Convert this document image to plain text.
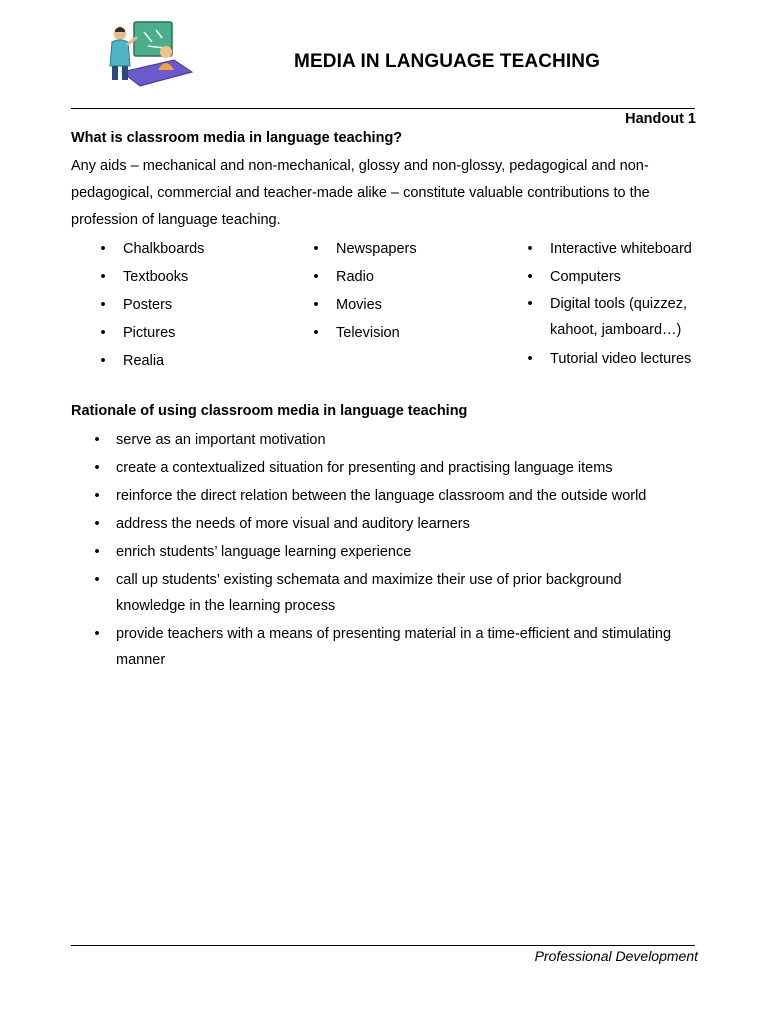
MEDIA IN LANGUAGE TEACHING
Handout 1
What is classroom media in language teaching?
Any aids – mechanical and non-mechanical, glossy and non-glossy, pedagogical and non-
pedagogical, commercial and teacher-made alike – constitute valuable contributions to the
profession of language teaching.
•	Chalkboards
•	Textbooks
•	Posters
•	Pictures
•	Realia
•	Newspapers
•	Radio
•	Movies
•	Television
•	Interactive whiteboard
•	Computers
•	Digital tools (quizzez,
kahoot, jamboard…)
•	Tutorial video lectures
Rationale of using classroom media in language teaching
•	serve as an important motivation
•	create a contextualized situation for presenting and practising language items
•	reinforce the direct relation between the language classroom and the outside world
•	address the needs of more visual and auditory learners
•	enrich students’ language learning experience
•	call up students’ existing schemata and maximize their use of prior background
knowledge in the learning process
•	provide teachers with a means of presenting material in a time-efficient and stimulating
manner
Professional Development
